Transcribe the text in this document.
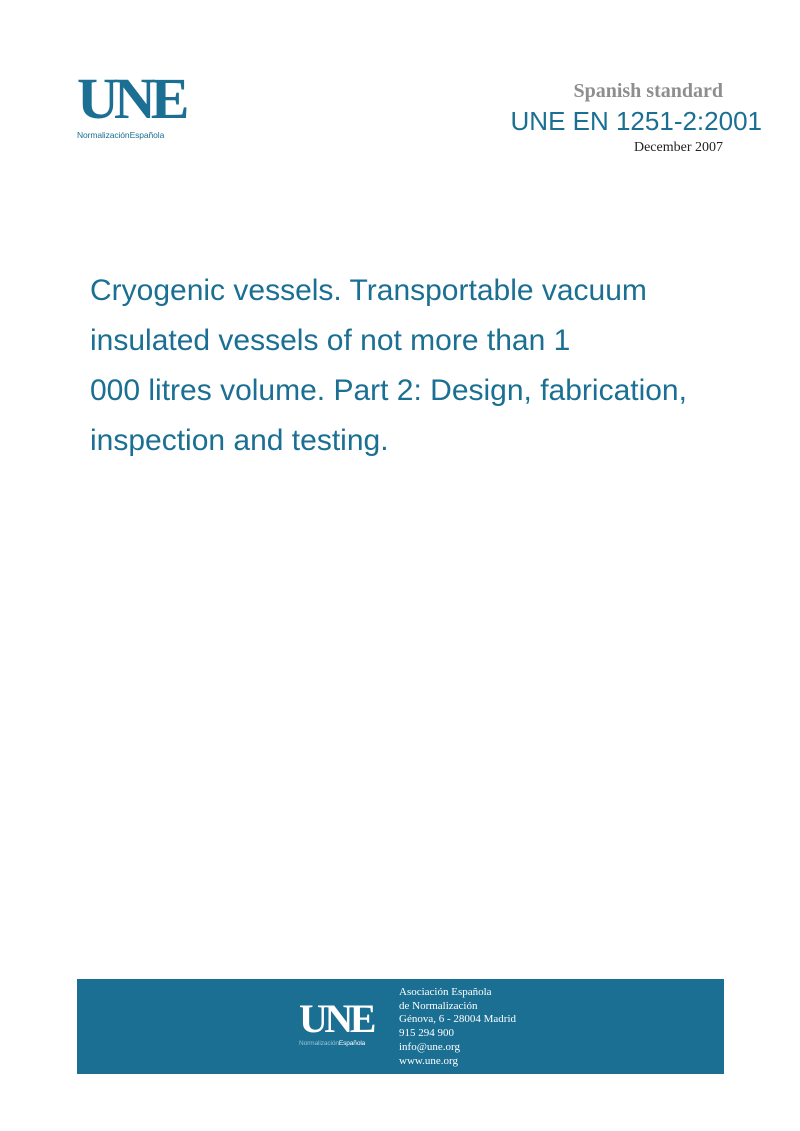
UNE
NormalizaciónEspañola
Spanish standard
UNE EN 1251-2:2001
December 2007
Cryogenic vessels. Transportable vacuum
insulated vessels of not more than 1
000 litres volume. Part 2: Design, fabrication,
inspection and testing.
UNE
NormalizaciónEspañola
Asociación Española
de Normalización
Génova, 6 - 28004 Madrid
915 294 900
info@une.org
www.une.org
